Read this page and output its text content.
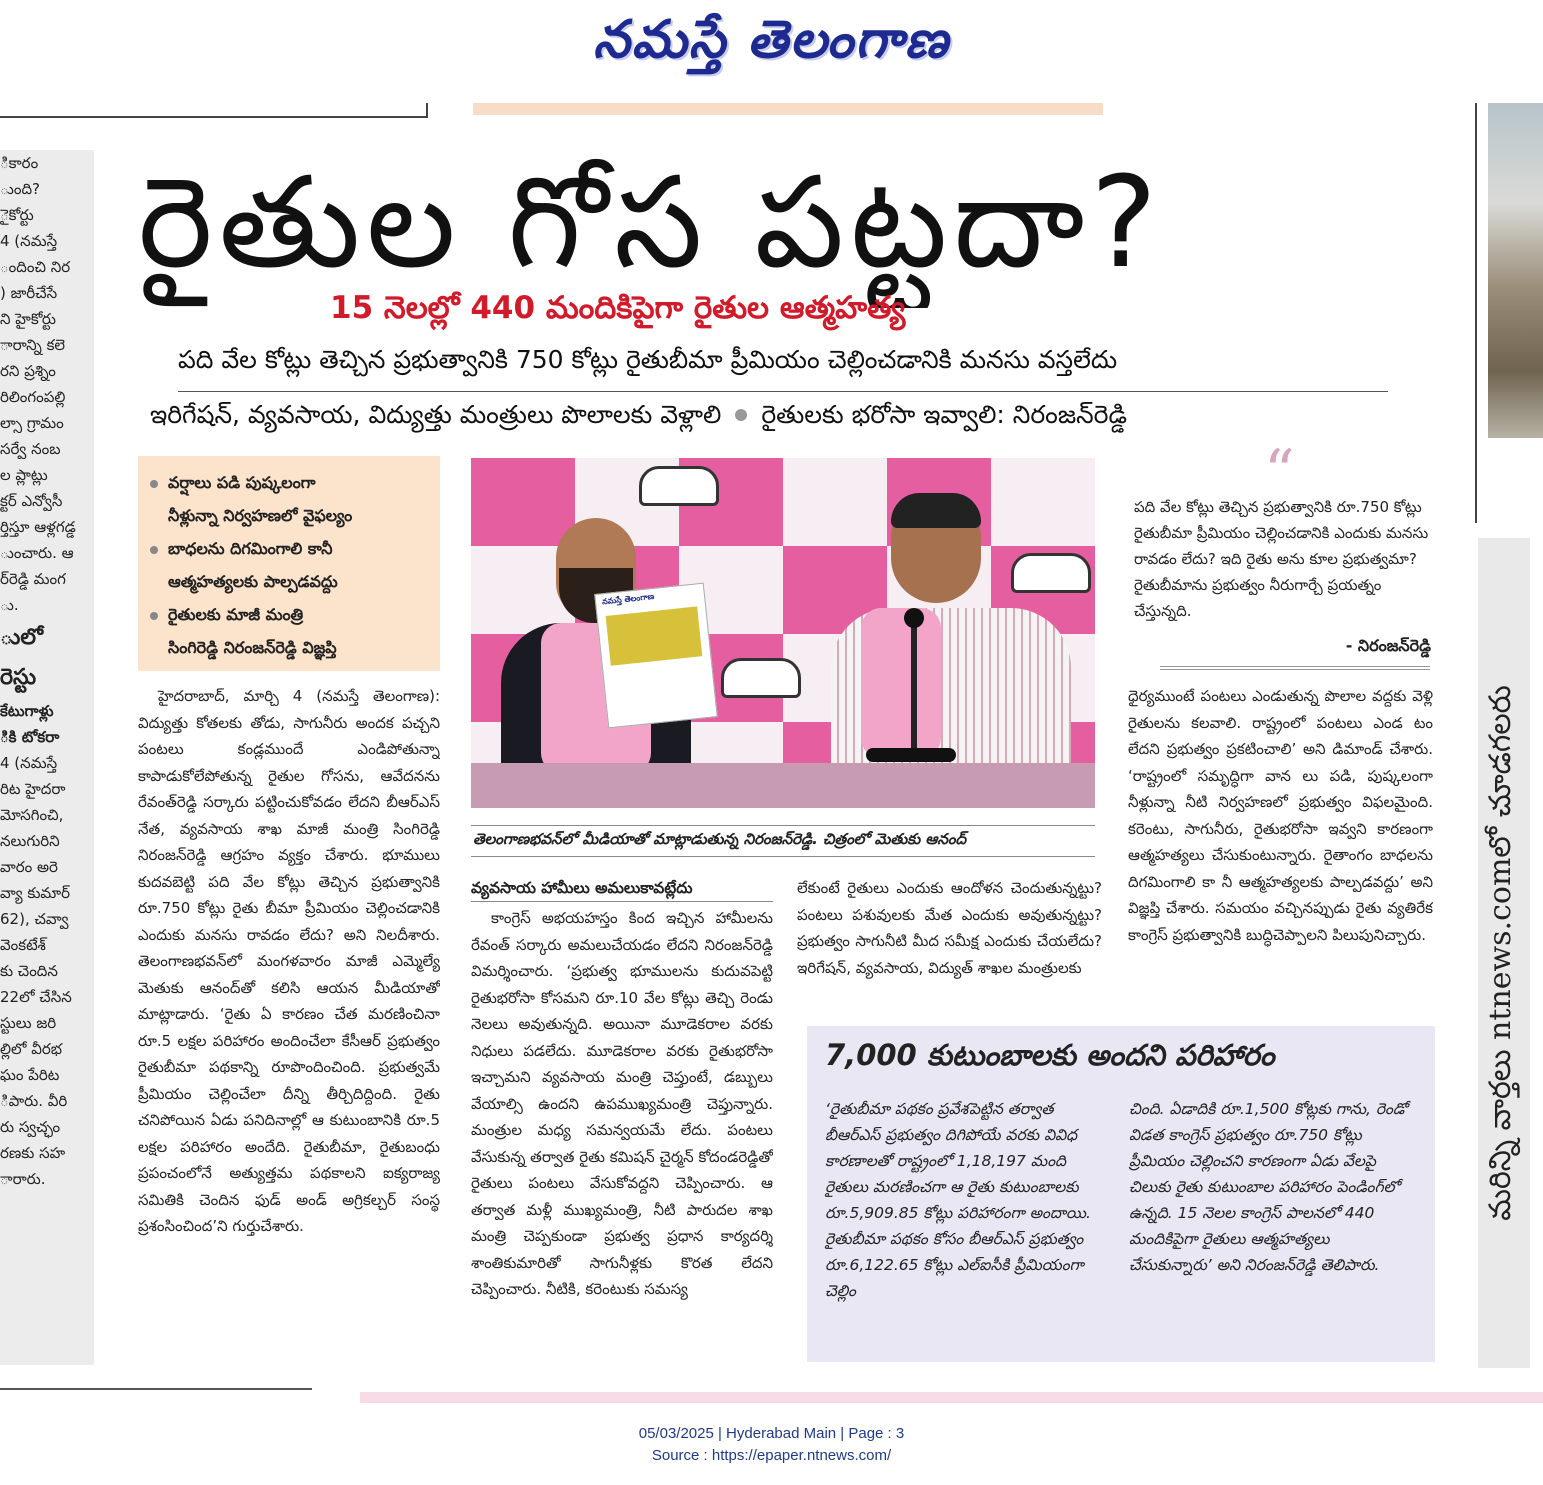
నమస్తే తెలంగాణ
ికారం
ుంది?
ైకోర్టు
4 (నమస్తే
ందించి నిర
) జారీచేసే
ని హైకోర్టు
ారాన్ని కలె
రని ప్రశ్నిం
రిలింగంపల్లి
ల్సా గ్రామం
సర్వే నంబ
ల ప్లాట్లు
క్టర్ ఎన్వోసీ
ర్తిస్తూ ఆళ్లగడ్డ
ుంచారు. ఆ
ర్‌రెడ్డి మంగ
ు.
ులో
రెస్టు
కేటుగాళ్లు
ికి టోకరా
4 (నమస్తే
రిట హైదరా
మోసగించి,
నలుగురిని
వారం అరె
వ్యా కుమార్
62), చవ్వా
వెంకటేశ్
కు చెందిన
22లో చేసిన
స్టులు జరి
ల్లిలో వీరభ
ఘం పేరిట
ిపారు. వీరి
రు స్వచ్ఛం
రణకు సహ
ారారు.	మరిన్ని వార్తలు ntnews.comలో చూడగలరు
రైతుల గోస పట్టదా?
15 నెలల్లో 440 మందికిపైగా రైతుల ఆత్మహత్య
పది వేల కోట్లు తెచ్చిన ప్రభుత్వానికి 750 కోట్లు రైతుబీమా ప్రీమియం చెల్లించడానికి మనసు వస్తలేదు
ఇరిగేషన్, వ్యవసాయ, విద్యుత్తు మంత్రులు పొలాలకు వెళ్లాలి రైతులకు భరోసా ఇవ్వాలి: నిరంజన్‌రెడ్డి
వర్షాలు పడి పుష్కలంగా
నీళ్లున్నా నిర్వహణలో వైఫల్యం
బాధలను దిగమింగాలి కానీ
ఆత్మహత్యలకు పాల్పడవద్దు
రైతులకు మాజీ మంత్రి
సింగిరెడ్డి నిరంజన్‌రెడ్డి విజ్ఞప్తి
నమస్తే తెలంగాణ
తెలంగాణభవన్‌లో మీడియాతో మాట్లాడుతున్న నిరంజన్‌రెడ్డి. చిత్రంలో మెతుకు ఆనంద్
“
పది వేల కోట్లు తెచ్చిన ప్రభుత్వానికి రూ.750 కోట్లు రైతుబీమా ప్రీమియం చెల్లించడానికి ఎందుకు మనసు రావడం లేదు? ఇది రైతు అను కూల ప్రభుత్వమా? రైతుబీమాను ప్రభుత్వం నీరుగార్చే ప్రయత్నం చేస్తున్నది.
- నిరంజన్‌రెడ్డి

హైదరాబాద్, మార్చి 4 (నమస్తే తెలంగాణ): విద్యుత్తు కోతలకు తోడు, సాగునీరు అందక పచ్చని పంటలు కండ్లముందే ఎండిపోతున్నా కాపాడుకోలేపోతున్న రైతుల గోసను, ఆవేదనను రేవంత్‌రెడ్డి సర్కారు పట్టించుకోవడం లేదని బీఆర్‌ఎస్ నేత, వ్యవసాయ శాఖ మాజీ మంత్రి సింగిరెడ్డి నిరంజన్‌రెడ్డి ఆగ్రహం వ్యక్తం చేశారు. భూములు కుదవబెట్టి పది వేల కోట్లు తెచ్చిన ప్రభుత్వానికి రూ.750 కోట్లు రైతు బీమా ప్రీమియం చెల్లించడానికి ఎందుకు మనసు రావడం లేదు? అని నిలదీశారు. తెలంగాణభవన్‌లో మంగళవారం మాజీ ఎమ్మెల్యే మెతుకు ఆనంద్‌తో కలిసి ఆయన మీడియాతో మాట్లాడారు. ‘రైతు ఏ కారణం చేత మరణించినా రూ.5 లక్షల పరిహారం అందించేలా కేసీఆర్ ప్రభుత్వం రైతుబీమా పథకాన్ని రూపొందించింది. ప్రభుత్వమే ప్రీమియం చెల్లించేలా దీన్ని తీర్చిదిద్దింది. రైతు చనిపోయిన ఏడు పనిదినాల్లో ఆ కుటుంబానికి రూ.5 లక్షల పరిహారం అందేది. రైతుబీమా, రైతుబంధు ప్రపంచంలోనే అత్యుత్తమ పథకాలని ఐక్యరాజ్య సమితికి చెందిన ఫుడ్ అండ్ అగ్రికల్చర్ సంస్థ ప్రశంసించింద’ని గుర్తుచేశారు.

వ్యవసాయ హామీలు అమలుకావట్లేదు

కాంగ్రెస్ అభయహస్తం కింద ఇచ్చిన హామీలను రేవంత్ సర్కారు అమలుచేయడం లేదని నిరంజన్‌రెడ్డి విమర్శించారు. ‘ప్రభుత్వ భూములను కుదువపెట్టి రైతుభరోసా కోసమని రూ.10 వేల కోట్లు తెచ్చి రెండు నెలలు అవుతున్నది. అయినా మూడెకరాల వరకు నిధులు పడలేదు. మూడెకరాల వరకు రైతుభరోసా ఇచ్చామని వ్యవసాయ మంత్రి చెప్తుంటే, డబ్బులు వేయాల్సి ఉందని ఉపముఖ్యమంత్రి చెప్తున్నారు. మంత్రుల మధ్య సమన్వయమే లేదు. పంటలు వేసుకున్న తర్వాత రైతు కమిషన్ చైర్మన్ కోదండరెడ్డితో రైతులు పంటలు వేసుకోవద్దని చెప్పించారు. ఆ తర్వాత మళ్లీ ముఖ్యమంత్రి, నీటి పారుదల శాఖ మంత్రి చెప్పకుండా ప్రభుత్వ ప్రధాన కార్యదర్శి శాంతికుమారితో సాగునీళ్లకు కొరత లేదని చెప్పించారు. నీటికి, కరెంటుకు సమస్య

లేకుంటే రైతులు ఎందుకు ఆందోళన చెందుతున్నట్టు? పంటలు పశువులకు మేత ఎందుకు అవుతున్నట్టు? ప్రభుత్వం సాగునీటి మీద సమీక్ష ఎందుకు చేయలేదు? ఇరిగేషన్, వ్యవసాయ, విద్యుత్ శాఖల మంత్రులకు

ధైర్యముంటే పంటలు ఎండుతున్న పొలాల వద్దకు వెళ్లి రైతులను కలవాలి. రాష్ట్రంలో పంటలు ఎండ టం లేదని ప్రభుత్వం ప్రకటించాలి’ అని డిమాండ్ చేశారు. ‘రాష్ట్రంలో సమృద్ధిగా వాన లు పడి, పుష్కలంగా నీళ్లున్నా నీటి నిర్వహణలో ప్రభుత్వం విఫలమైంది. కరెంటు, సాగునీరు, రైతుభరోసా ఇవ్వని కారణంగా ఆత్మహత్యలు చేసుకుంటున్నారు. రైతాంగం బాధలను దిగమింగాలి కా నీ ఆత్మహత్యలకు పాల్పడవద్దు’ అని విజ్ఞప్తి చేశారు. సమయం వచ్చినప్పుడు రైతు వ్యతిరేక కాంగ్రెస్ ప్రభుత్వానికి బుద్ధిచెప్పాలని పిలుపునిచ్చారు.

7,000 కుటుంబాలకు అందని పరిహారం
‘రైతుబీమా పథకం ప్రవేశపెట్టిన తర్వాత బీఆర్‌ఎస్ ప్రభుత్వం దిగిపోయే వరకు వివిధ కారణాలతో రాష్ట్రంలో 1,18,197 మంది రైతులు మరణించగా ఆ రైతు కుటుంబాలకు రూ.5,909.85 కోట్లు పరిహారంగా అందాయి. రైతుబీమా పథకం కోసం బీఆర్‌ఎస్ ప్రభుత్వం రూ.6,122.65 కోట్లు ఎల్ఐసీకి ప్రీమియంగా చెల్లిం
చింది. ఏడాదికి రూ.1,500 కోట్లకు గాను, రెండో విడత కాంగ్రెస్ ప్రభుత్వం రూ.750 కోట్లు ప్రీమియం చెల్లించని కారణంగా ఏడు వేలపై చిలుకు రైతు కుటుంబాల పరిహారం పెండింగ్‌లో ఉన్నది. 15 నెలల కాంగ్రెస్ పాలనలో 440 మందికిపైగా రైతులు ఆత్మహత్యలు చేసుకున్నారు’ అని నిరంజన్‌రెడ్డి తెలిపారు.
05/03/2025 | Hyderabad Main | Page : 3
Source : https://epaper.ntnews.com/
